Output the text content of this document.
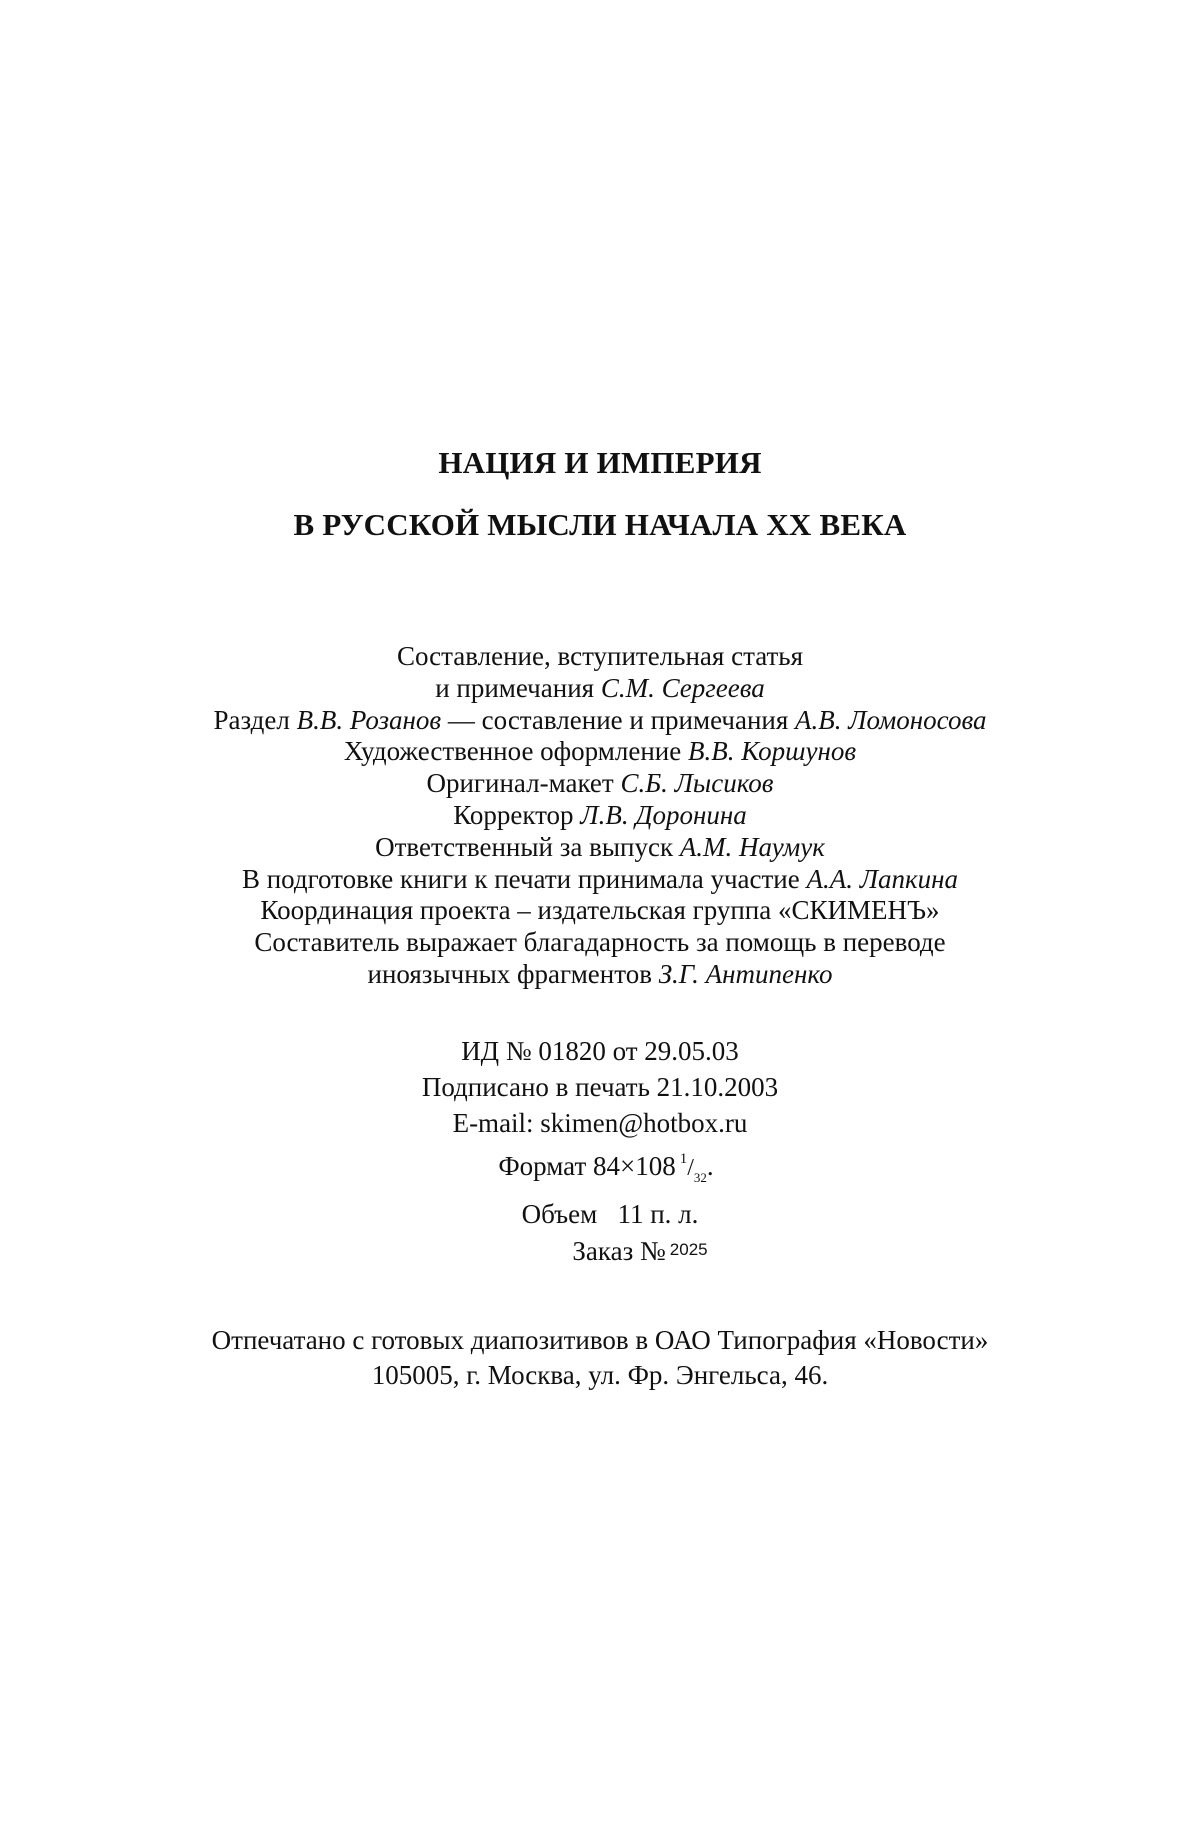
НАЦИЯ И ИМПЕРИЯ
В РУССКОЙ МЫСЛИ НАЧАЛА XX ВЕКА
Составление, вступительная статья
и примечания С.М. Сергеева
Раздел В.В. Розанов — составление и примечания А.В. Ломоносова
Художественное оформление В.В. Коршунов
Оригинал-макет С.Б. Лысиков
Корректор Л.В. Доронина
Ответственный за выпуск А.М. Наумук
В подготовке книги к печати принимала участие А.А. Лапкина
Координация проекта – издательская группа «СКИМЕНЪ»
Составитель выражает благадарность за помощь в переводе
иноязычных фрагментов З.Г. Антипенко
ИД № 01820 от 29.05.03
Подписано в печать 21.10.2003
E-mail: skimen@hotbox.ru
Формат 84×108 $^1/_{32}$.
Объем   11 п. л.
Заказ № 2025
Отпечатано с готовых диапозитивов в ОАО Типография «Новости»
105005, г. Москва, ул. Фр. Энгельса, 46.
